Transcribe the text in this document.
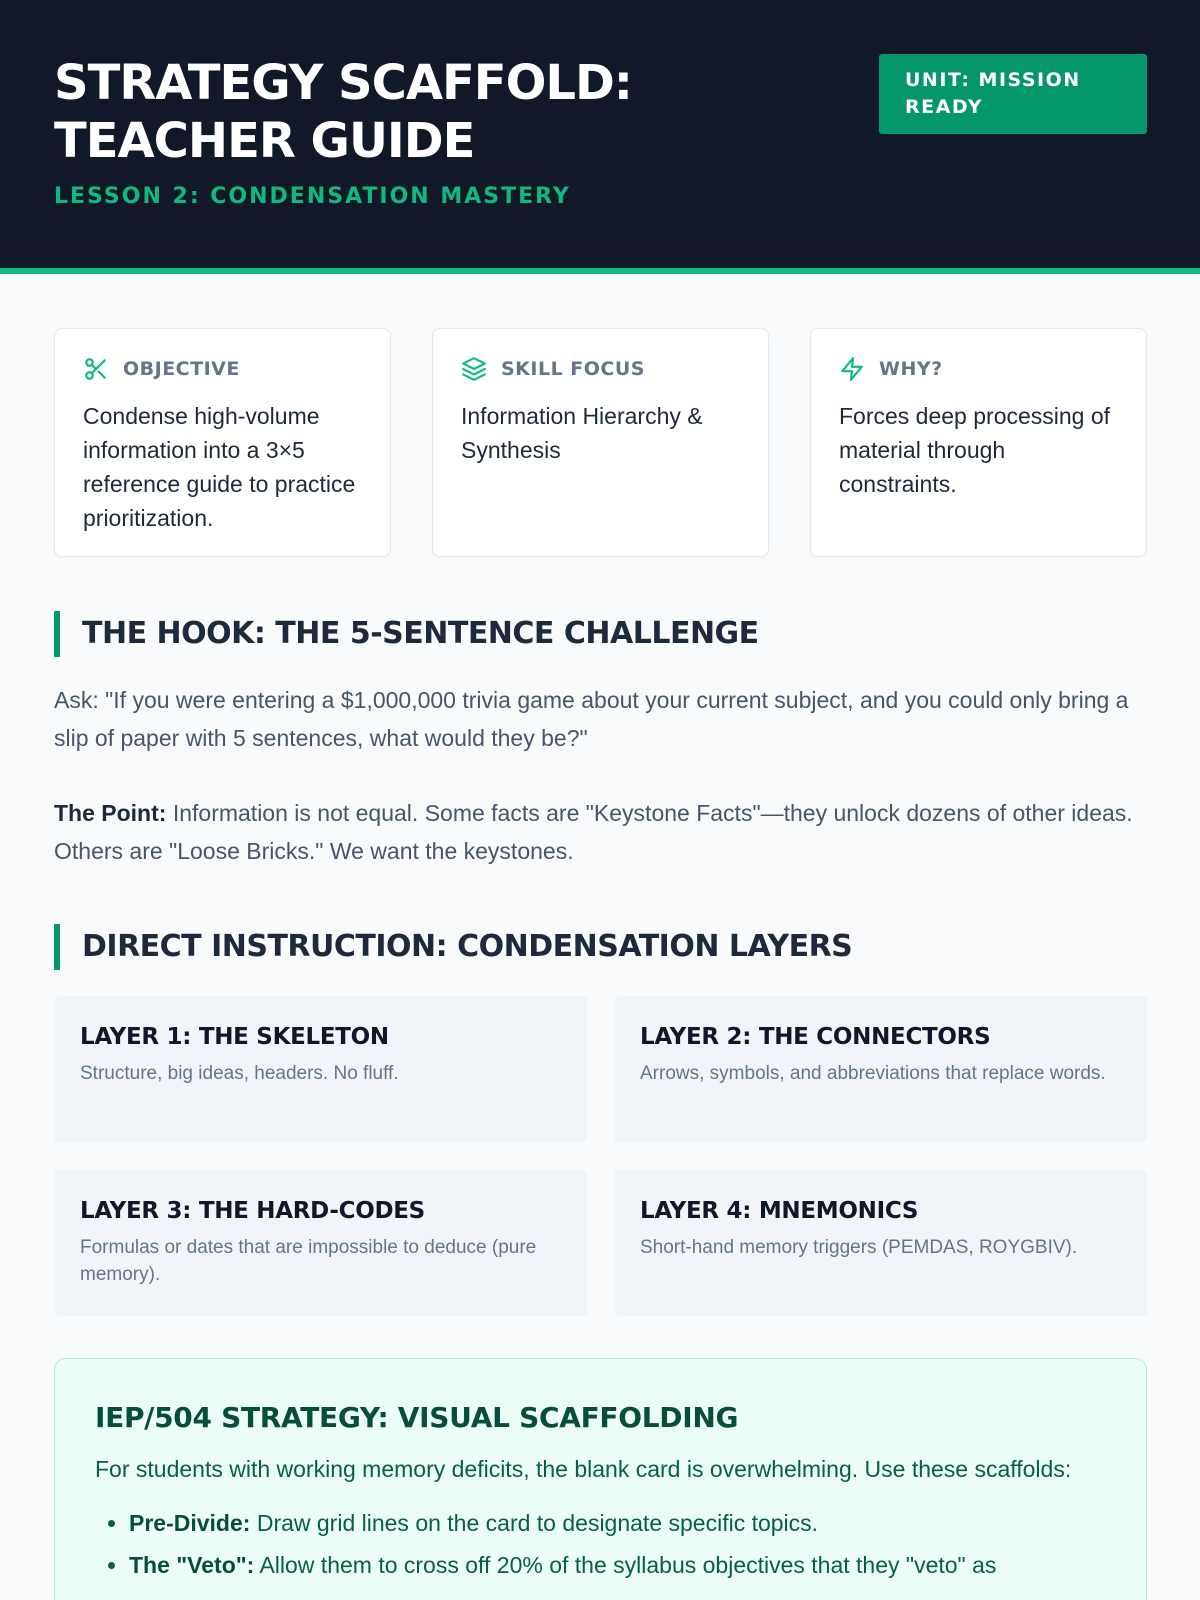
STRATEGY SCAFFOLD: TEACHER GUIDE
LESSON 2: CONDENSATION MASTERY
UNIT: MISSION READY
OBJECTIVE
Condense high-volume information into a 3×5 reference guide to practice prioritization.
SKILL FOCUS
Information Hierarchy & Synthesis
WHY?
Forces deep processing of material through constraints.
THE HOOK: THE 5-SENTENCE CHALLENGE

Ask: "If you were entering a $1,000,000 trivia game about your current subject, and you could only bring a slip of paper with 5 sentences, what would they be?"

The Point: Information is not equal. Some facts are "Keystone Facts"—they unlock dozens of other ideas. Others are "Loose Bricks." We want the keystones.

DIRECT INSTRUCTION: CONDENSATION LAYERS
LAYER 1: THE SKELETON
Structure, big ideas, headers. No fluff.
LAYER 2: THE CONNECTORS
Arrows, symbols, and abbreviations that replace words.
LAYER 3: THE HARD-CODES
Formulas or dates that are impossible to deduce (pure memory).
LAYER 4: MNEMONICS
Short-hand memory triggers (PEMDAS, ROYGBIV).
IEP/504 STRATEGY: VISUAL SCAFFOLDING

For students with working memory deficits, the blank card is overwhelming. Use these scaffolds:

• Pre-Divide: Draw grid lines on the card to designate specific topics.
• The "Veto": Allow them to cross off 20% of the syllabus objectives that they "veto" as
